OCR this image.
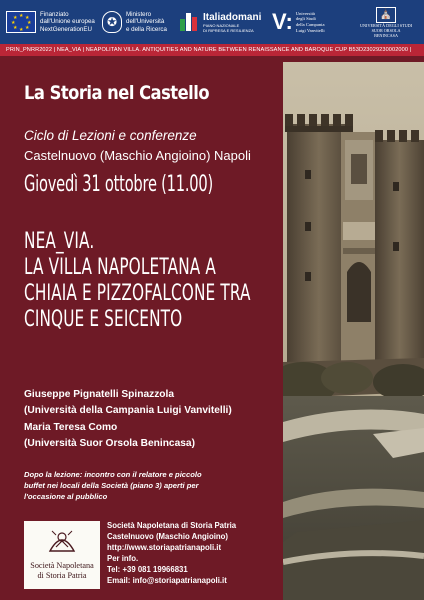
★ ★
★
★
★
★
★
★
Finanziato
dall'Unione europea
NextGenerationEU
✪
Ministero
dell'Università
e della Ricerca
Italiadomani
PIANO NAZIONALE
DI RIPRESA E RESILIENZA V: Università
degli Studi
della Campania
Luigi Vanvitelli
⛪
UNIVERSITÀ DEGLI STUDI
SUOR ORSOLA
BENINCASA
PRIN_PNRR2022 | NEA_VIA | NEAPOLITAN VILLA. ANTIQUITIES AND NATURE BETWEEN RENAISSANCE AND BAROQUE CUP B53D23029230002000 |
La Storia nel Castello
Ciclo di Lezioni e conferenze
Castelnuovo (Maschio Angioino) Napoli
Giovedì 31 ottobre (11.00)
NEA_VIA.
LA VILLA NAPOLETANA A
CHIAIA E PIZZOFALCONE TRA
CINQUE E SEICENTO
Giuseppe Pignatelli Spinazzola
(Università della Campania Luigi Vanvitelli)
Maria Teresa Como
(Università Suor Orsola Benincasa)
Dopo la lezione: incontro con il relatore e piccolo
buffet nei locali della Società (piano 3) aperti per
l'occasione al pubblico
Società Napoletana
di Storia Patria
Società Napoletana di Storia Patria
Castelnuovo (Maschio Angioino)
http://www.storiapatrianapoli.it
Per info.
Tel: +39 081 19966831
Email: info@storiapatrianapoli.it
